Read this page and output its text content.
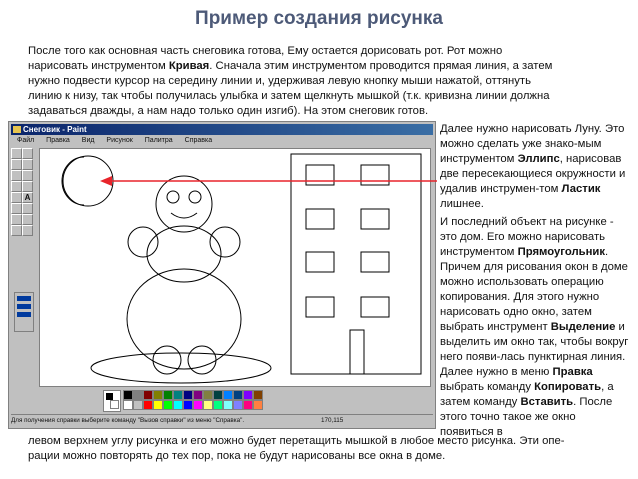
Пример создания рисунка
После того как основная часть снеговика готова, Ему остается дорисовать рот. Рот можно
нарисовать инструментом Кривая. Сначала этим инструментом проводится прямая линия, а затем
нужно подвести курсор на середину линии и, удерживая левую кнопку мыши нажатой, оттянуть
линию к низу, так чтобы получилась улыбка и затем щелкнуть мышкой (т.к. кривизна линии должна
задаваться дважды, а нам надо только один изгиб). На этом снеговик готов.
Снеговик - Paint
Файл Правка Вид Рисунок Палитра Справка
A
Для получения справки выберите команду "Вызов справки" из меню "Справка".	170,115

Далее нужно нарисовать Луну. Это можно сделать уже знако-мым инструментом Эллипс, нарисовав две пересекающиеся окружности и удалив инструмен-том Ластик лишнее.

И последний объект на рисунке - это дом. Его можно нарисовать инструментом Прямоугольник. Причем для рисования окон в доме можно использовать операцию копирования. Для этого нужно нарисовать одно окно, затем выбрать инструмент Выделение и выделить им окно так, чтобы вокруг него появи-лась пунктирная линия. Далее нужно в меню Правка выбрать команду Копировать, а затем команду Вставить. После этого точно такое же окно появиться в

левом верхнем углу рисунка и его можно будет перетащить мышкой в любое место рисунка. Эти опе-
рации можно повторять до тех пор, пока не будут нарисованы все окна в доме.
